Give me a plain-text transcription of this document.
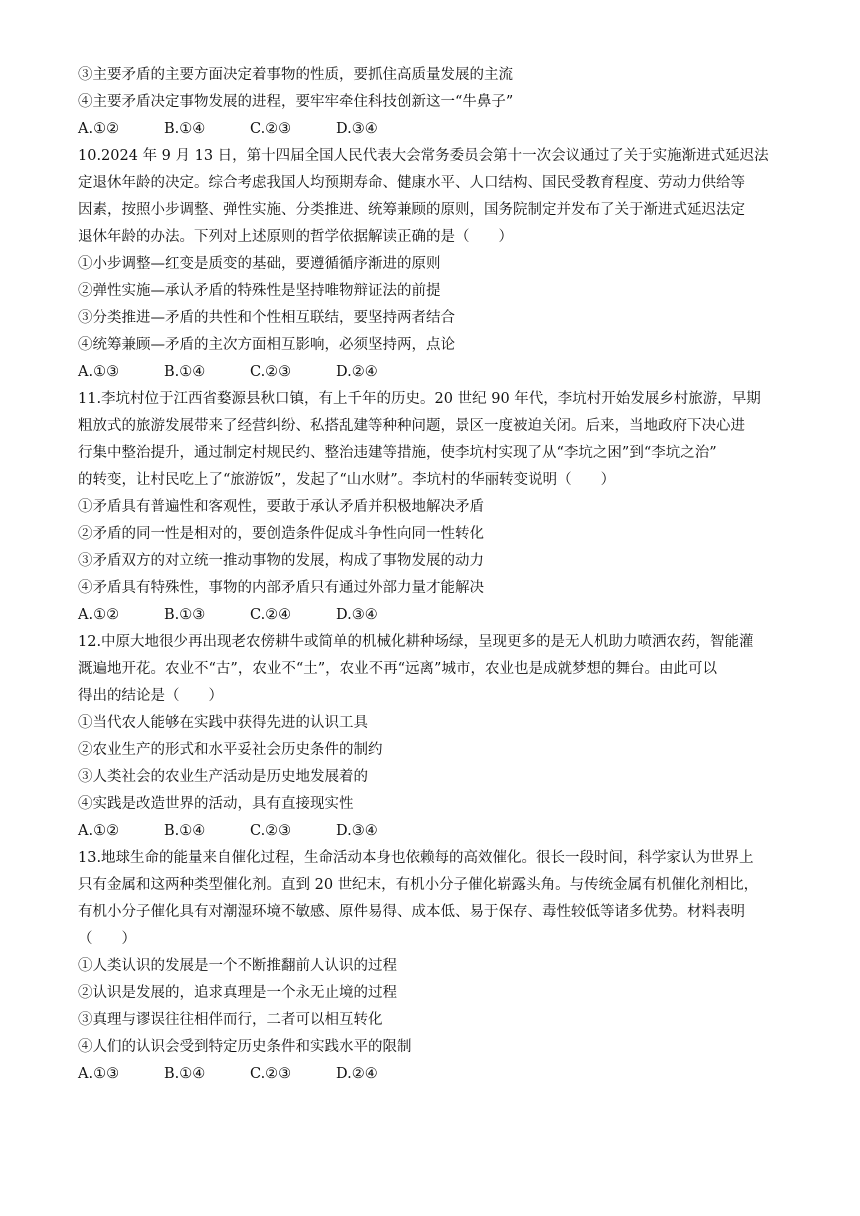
③主要矛盾的主要方面决定着事物的性质，要抓住高质量发展的主流
④主要矛盾决定事物发展的进程，要牢牢牵住科技创新这一“牛鼻子”
A.①②	B.①④	C.②③	D.③④
10.2024 年 9 月 13 日，第十四届全国人民代表大会常务委员会第十一次会议通过了关于实施渐进式延迟法
定退休年龄的决定。综合考虑我国人均预期寿命、健康水平、人口结构、国民受教育程度、劳动力供给等
因素，按照小步调整、弹性实施、分类推进、统筹兼顾的原则，国务院制定并发布了关于渐进式延迟法定
退休年龄的办法。下列对上述原则的哲学依据解读正确的是（　　）
①小步调整—红变是质变的基础，要遵循循序渐进的原则
②弹性实施—承认矛盾的特殊性是坚持唯物辩证法的前提
③分类推进—矛盾的共性和个性相互联结，要坚持两者结合
④统筹兼顾—矛盾的主次方面相互影响，必须坚持两，点论
A.①③	B.①④	C.②③	D.②④
11.李坑村位于江西省婺源县秋口镇，有上千年的历史。20 世纪 90 年代，李坑村开始发展乡村旅游，早期
粗放式的旅游发展带来了经营纠纷、私搭乱建等种种问题，景区一度被迫关闭。后来，当地政府下决心进
行集中整治提升，通过制定村规民约、整治违建等措施，使李坑村实现了从“李坑之困”到“李坑之治”
的转变，让村民吃上了“旅游饭”，发起了“山水财”。李坑村的华丽转变说明（　　）
①矛盾具有普遍性和客观性，要敢于承认矛盾并积极地解决矛盾
②矛盾的同一性是相对的，要创造条件促成斗争性向同一性转化
③矛盾双方的对立统一推动事物的发展，构成了事物发展的动力
④矛盾具有特殊性，事物的内部矛盾只有通过外部力量才能解决
A.①②	B.①③	C.②④	D.③④
12.中原大地很少再出现老农傍耕牛或简单的机械化耕种场绿，呈现更多的是无人机助力喷洒农药，智能灌
溉遍地开花。农业不“古”，农业不“土”，农业不再“远离”城市，农业也是成就梦想的舞台。由此可以
得出的结论是（　　）
①当代农人能够在实践中获得先进的认识工具
②农业生产的形式和水平妥社会历史条件的制约
③人类社会的农业生产活动是历史地发展着的
④实践是改造世界的活动，具有直接现实性
A.①②	B.①④	C.②③	D.③④
13.地球生命的能量来自催化过程，生命活动本身也依赖每的高效催化。很长一段时间，科学家认为世界上
只有金属和这两种类型催化剂。直到 20 世纪末，有机小分子催化崭露头角。与传统金属有机催化剂相比，
有机小分子催化具有对潮湿环境不敏感、原件易得、成本低、易于保存、毒性较低等诸多优势。材料表明
（　　）
①人类认识的发展是一个不断推翻前人认识的过程
②认识是发展的，追求真理是一个永无止境的过程
③真理与谬误往往相伴而行，二者可以相互转化
④人们的认识会受到特定历史条件和实践水平的限制
A.①③	B.①④	C.②③	D.②④
